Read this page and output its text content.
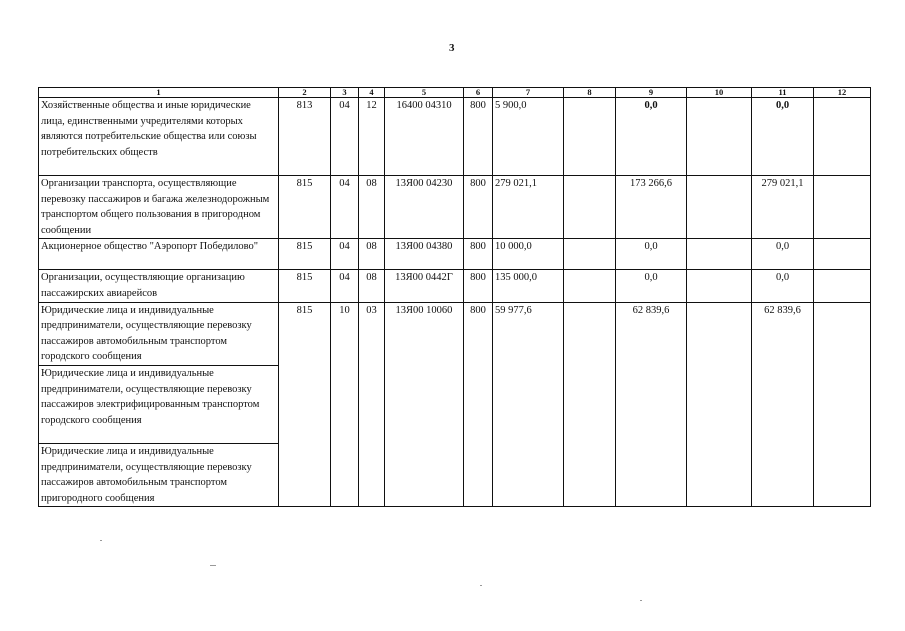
3
1	2	3	4	5	6	7	8	9	10	11	12
Хозяйственные общества и иные юридические лица, единственными учредителями которых являются потребительские общества или союзы потребительских обществ	813	04	12	16400 04310	800	5 900,0		0,0		0,0	
Организации транспорта, осуществляющие перевозку пассажиров и багажа железнодорожным транспортом общего пользования в пригородном сообщении	815	04	08	13Я00 04230	800	279 021,1		173 266,6		279 021,1	
Акционерное общество "Аэропорт Победилово"	815	04	08	13Я00 04380	800	10 000,0		0,0		0,0	
Организации, осуществляющие организацию пассажирских авиарейсов	815	04	08	13Я00 0442Г	800	135 000,0		0,0		0,0	
Юридические лица и индивидуальные предприниматели, осуществляющие перевозку пассажиров автомобильным транспортом городского сообщения	815	10	03	13Я00 10060	800	59 977,6		62 839,6		62 839,6	
Юридические лица и индивидуальные предприниматели, осуществляющие перевозку пассажиров электрифицированным транспортом городского сообщения											
Юридические лица и индивидуальные предприниматели, осуществляющие перевозку пассажиров автомобильным транспортом пригородного сообщения											
